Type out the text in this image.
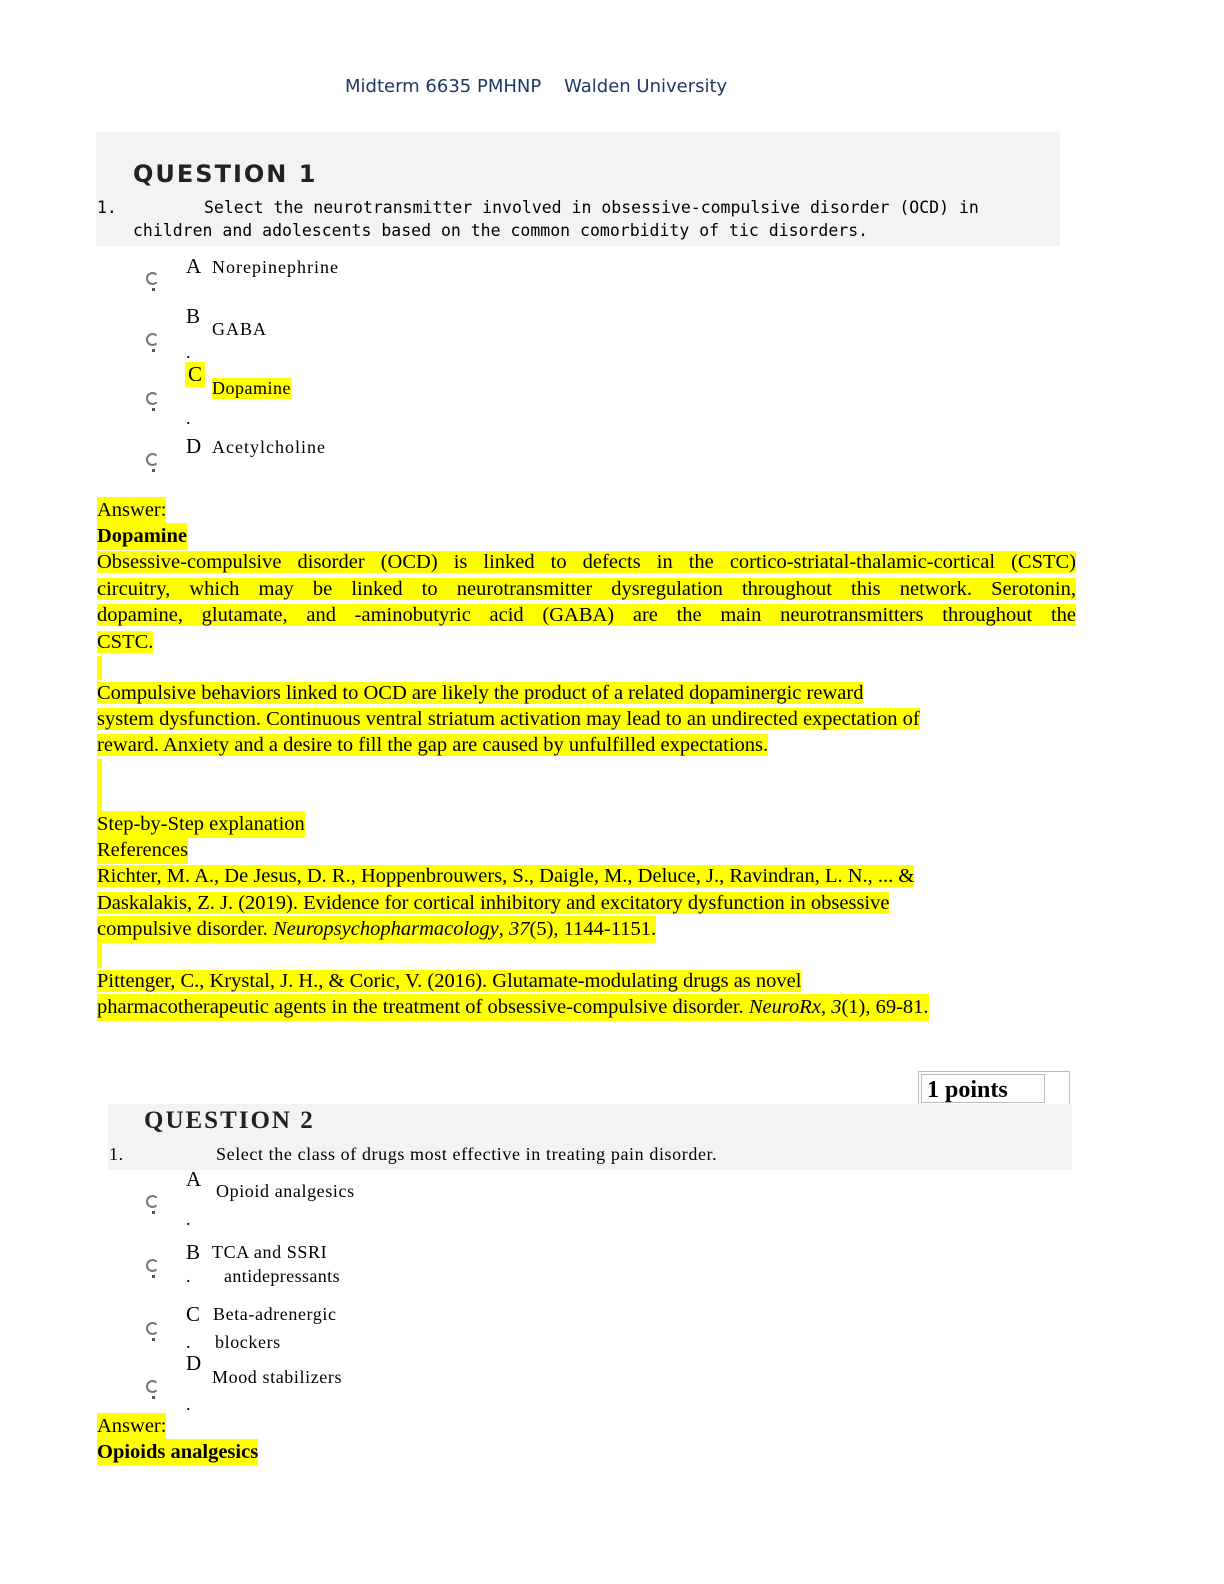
Midterm 6635 PMHNP Walden University
QUESTION 1
1.	Select the neurotransmitter involved in obsessive-compulsive disorder (OCD) in
children and adolescents based on the common comorbidity of tic disorders.
A Norepinephrine
B
GABA
.
C
Dopamine
.
D Acetylcholine
Answer:
Dopamine
Obsessive-compulsive disorder (OCD) is linked to defects in the cortico-striatal-thalamic-cortical (CSTC)
circuitry, which may be linked to neurotransmitter dysregulation throughout this network. Serotonin,
dopamine, glutamate, and -aminobutyric acid (GABA) are the main neurotransmitters throughout the
CSTC.
Compulsive behaviors linked to OCD are likely the product of a related dopaminergic reward
system dysfunction. Continuous ventral striatum activation may lead to an undirected expectation of
reward. Anxiety and a desire to fill the gap are caused by unfulfilled expectations.
Step-by-Step explanation
References
Richter, M. A., De Jesus, D. R., Hoppenbrouwers, S., Daigle, M., Deluce, J., Ravindran, L. N., ... &
Daskalakis, Z. J. (2019). Evidence for cortical inhibitory and excitatory dysfunction in obsessive
compulsive disorder. Neuropsychopharmacology, 37(5), 1144-1151.
Pittenger, C., Krystal, J. H., & Coric, V. (2016). Glutamate-modulating drugs as novel
pharmacotherapeutic agents in the treatment of obsessive-compulsive disorder. NeuroRx, 3(1), 69-81.
1 points
QUESTION 2
1.	Select the class of drugs most effective in treating pain disorder.
A Opioid analgesics
.
B TCA and SSRI
antidepressants
.
C Beta-adrenergic
blockers
.
D
Mood stabilizers
.
Answer:
Opioids analgesics
